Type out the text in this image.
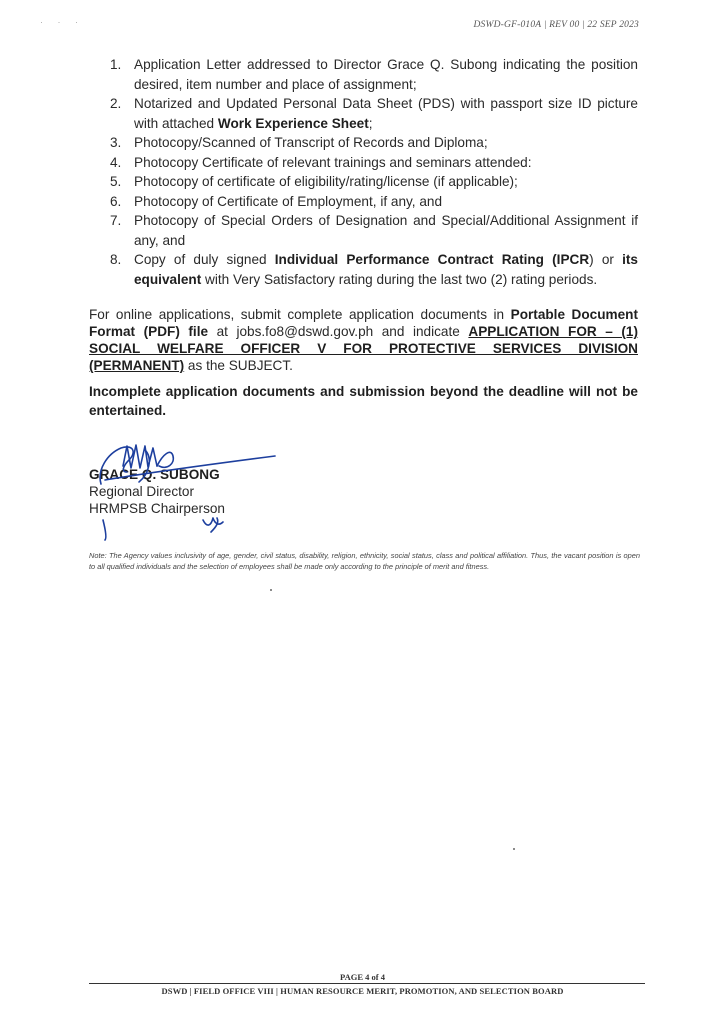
· · ·	DSWD-GF-010A | REV 00 | 22 SEP 2023
1. Application Letter addressed to Director Grace Q. Subong indicating the position desired, item number and place of assignment;
2. Notarized and Updated Personal Data Sheet (PDS) with passport size ID picture with attached Work Experience Sheet;
3. Photocopy/Scanned of Transcript of Records and Diploma;
4. Photocopy Certificate of relevant trainings and seminars attended:
5. Photocopy of certificate of eligibility/rating/license (if applicable);
6. Photocopy of Certificate of Employment, if any, and
7. Photocopy of Special Orders of Designation and Special/Additional Assignment if any, and
8. Copy of duly signed Individual Performance Contract Rating (IPCR) or its equivalent with Very Satisfactory rating during the last two (2) rating periods.

For online applications, submit complete application documents in Portable Document Format (PDF) file at jobs.fo8@dswd.gov.ph and indicate APPLICATION FOR – (1) SOCIAL WELFARE OFFICER V FOR PROTECTIVE SERVICES DIVISION (PERMANENT) as the SUBJECT.

Incomplete application documents and submission beyond the deadline will not be entertained.

GRACE Q. SUBONG
Regional Director
HRMPSB Chairperson

Note: The Agency values inclusivity of age, gender, civil status, disability, religion, ethnicity, social status, class and political affiliation. Thus, the vacant position is open to all qualified individuals and the selection of employees shall be made only according to the principle of merit and fitness.

PAGE 4 of 4
DSWD | FIELD OFFICE VIII | HUMAN RESOURCE MERIT, PROMOTION, AND SELECTION BOARD
